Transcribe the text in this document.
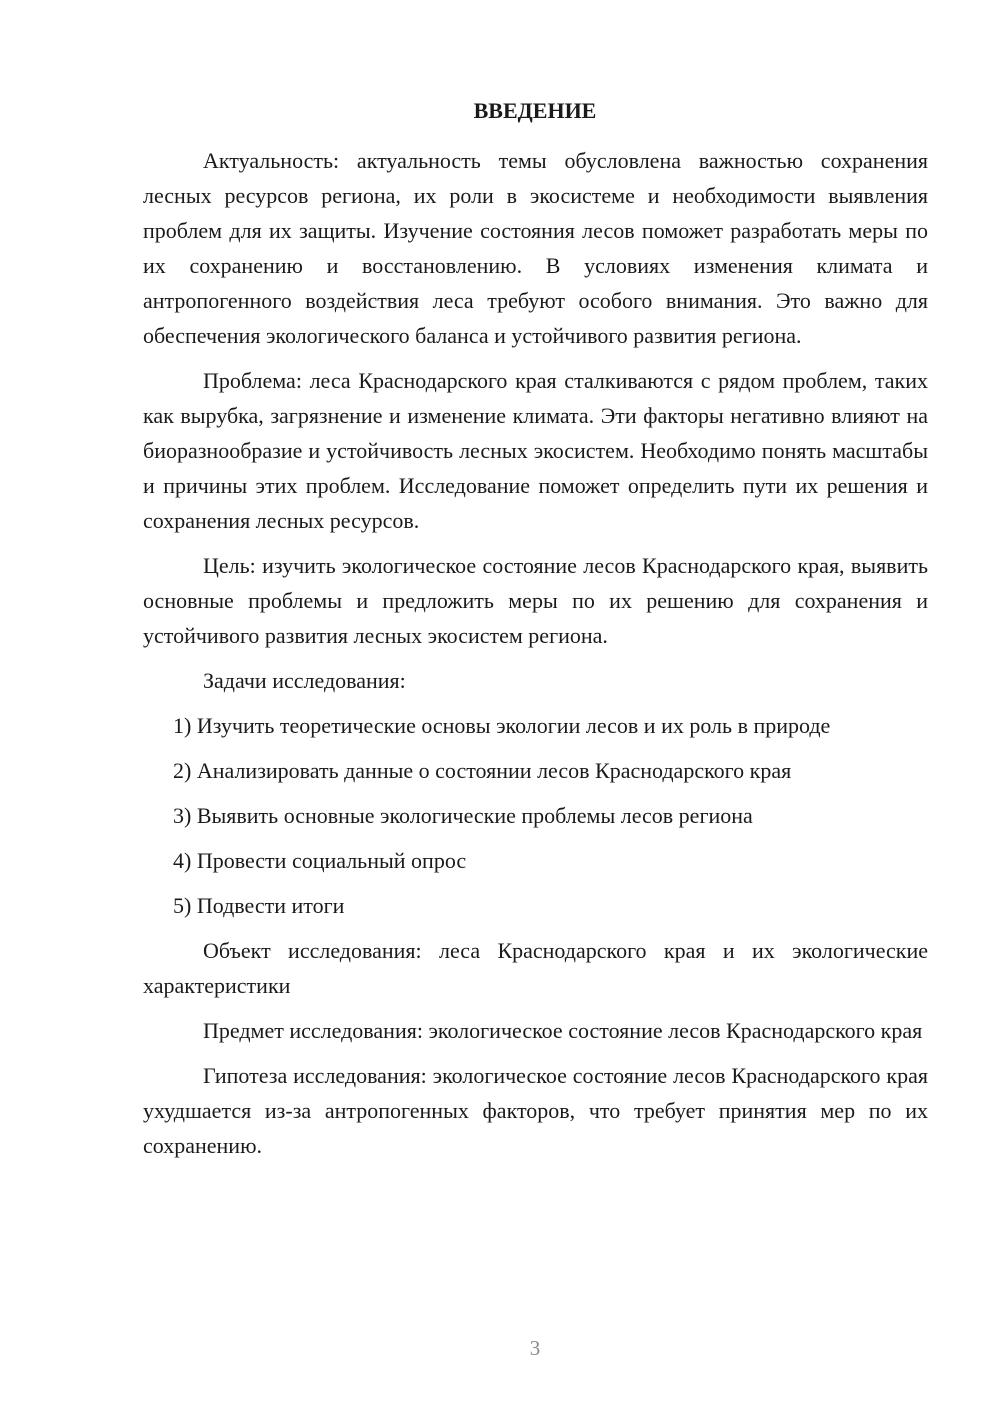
ВВЕДЕНИЕ

Актуальность: актуальность темы обусловлена важностью сохранения лесных ресурсов региона, их роли в экосистеме и необходимости выявления проблем для их защиты. Изучение состояния лесов поможет разработать меры по их сохранению и восстановлению. В условиях изменения климата и антропогенного воздействия леса требуют особого внимания. Это важно для обеспечения экологического баланса и устойчивого развития региона.

Проблема: леса Краснодарского края сталкиваются с рядом проблем, таких как вырубка, загрязнение и изменение климата. Эти факторы негативно влияют на биоразнообразие и устойчивость лесных экосистем. Необходимо понять масштабы и причины этих проблем. Исследование поможет определить пути их решения и сохранения лесных ресурсов.

Цель: изучить экологическое состояние лесов Краснодарского края, выявить основные проблемы и предложить меры по их решению для сохранения и устойчивого развития лесных экосистем региона.

Задачи исследования:

1) Изучить теоретические основы экологии лесов и их роль в природе

2) Анализировать данные о состоянии лесов Краснодарского края

3) Выявить основные экологические проблемы лесов региона

4) Провести социальный опрос

5) Подвести итоги

Объект исследования: леса Краснодарского края и их экологические характеристики

Предмет исследования: экологическое состояние лесов Краснодарского края

Гипотеза исследования: экологическое состояние лесов Краснодарского края ухудшается из-за антропогенных факторов, что требует принятия мер по их сохранению.

3
